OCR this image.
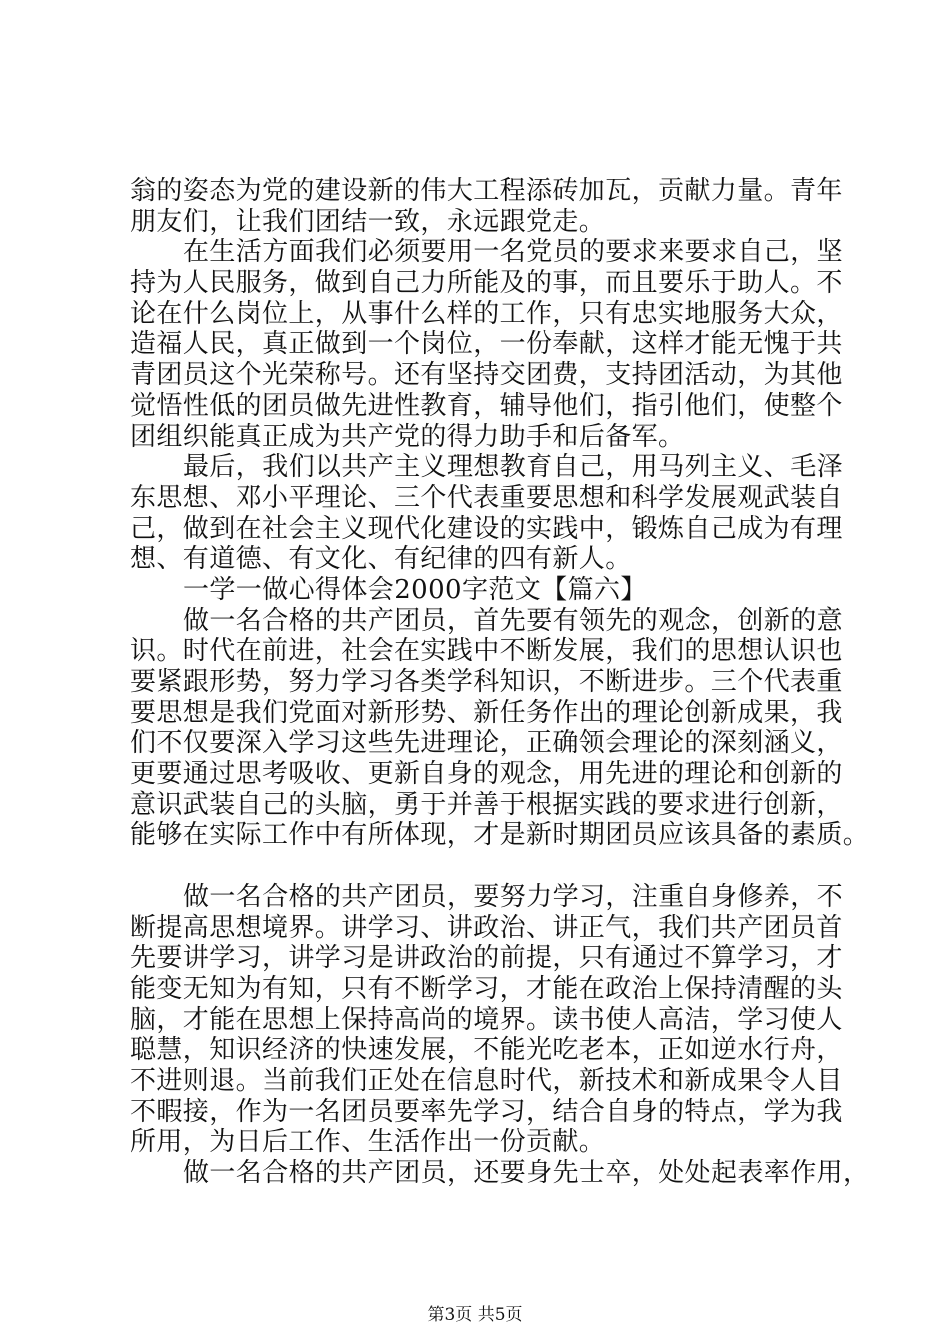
翁的姿态为党的建设新的伟大工程添砖加瓦，贡献力量。青年
朋友们，让我们团结一致，永远跟党走。
在生活方面我们必须要用一名党员的要求来要求自己，坚
持为人民服务，做到自己力所能及的事，而且要乐于助人。不
论在什么岗位上，从事什么样的工作，只有忠实地服务大众，
造福人民，真正做到一个岗位，一份奉献，这样才能无愧于共
青团员这个光荣称号。还有坚持交团费，支持团活动，为其他
觉悟性低的团员做先进性教育，辅导他们，指引他们，使整个
团组织能真正成为共产党的得力助手和后备军。
最后，我们以共产主义理想教育自己，用马列主义、毛泽
东思想、邓小平理论、三个代表重要思想和科学发展观武装自
己，做到在社会主义现代化建设的实践中，锻炼自己成为有理
想、有道德、有文化、有纪律的四有新人。
一学一做心得体会2000字范文【篇六】
做一名合格的共产团员，首先要有领先的观念，创新的意
识。时代在前进，社会在实践中不断发展，我们的思想认识也
要紧跟形势，努力学习各类学科知识，不断进步。三个代表重
要思想是我们党面对新形势、新任务作出的理论创新成果，我
们不仅要深入学习这些先进理论，正确领会理论的深刻涵义，
更要通过思考吸收、更新自身的观念，用先进的理论和创新的
意识武装自己的头脑，勇于并善于根据实践的要求进行创新，
能够在实际工作中有所体现，才是新时期团员应该具备的素质。
做一名合格的共产团员，要努力学习，注重自身修养，不
断提高思想境界。讲学习、讲政治、讲正气，我们共产团员首
先要讲学习，讲学习是讲政治的前提，只有通过不算学习，才
能变无知为有知，只有不断学习，才能在政治上保持清醒的头
脑，才能在思想上保持高尚的境界。读书使人高洁，学习使人
聪慧，知识经济的快速发展，不能光吃老本，正如逆水行舟，
不进则退。当前我们正处在信息时代，新技术和新成果令人目
不暇接，作为一名团员要率先学习，结合自身的特点，学为我
所用，为日后工作、生活作出一份贡献。
做一名合格的共产团员，还要身先士卒，处处起表率作用，
第3页 共5页
